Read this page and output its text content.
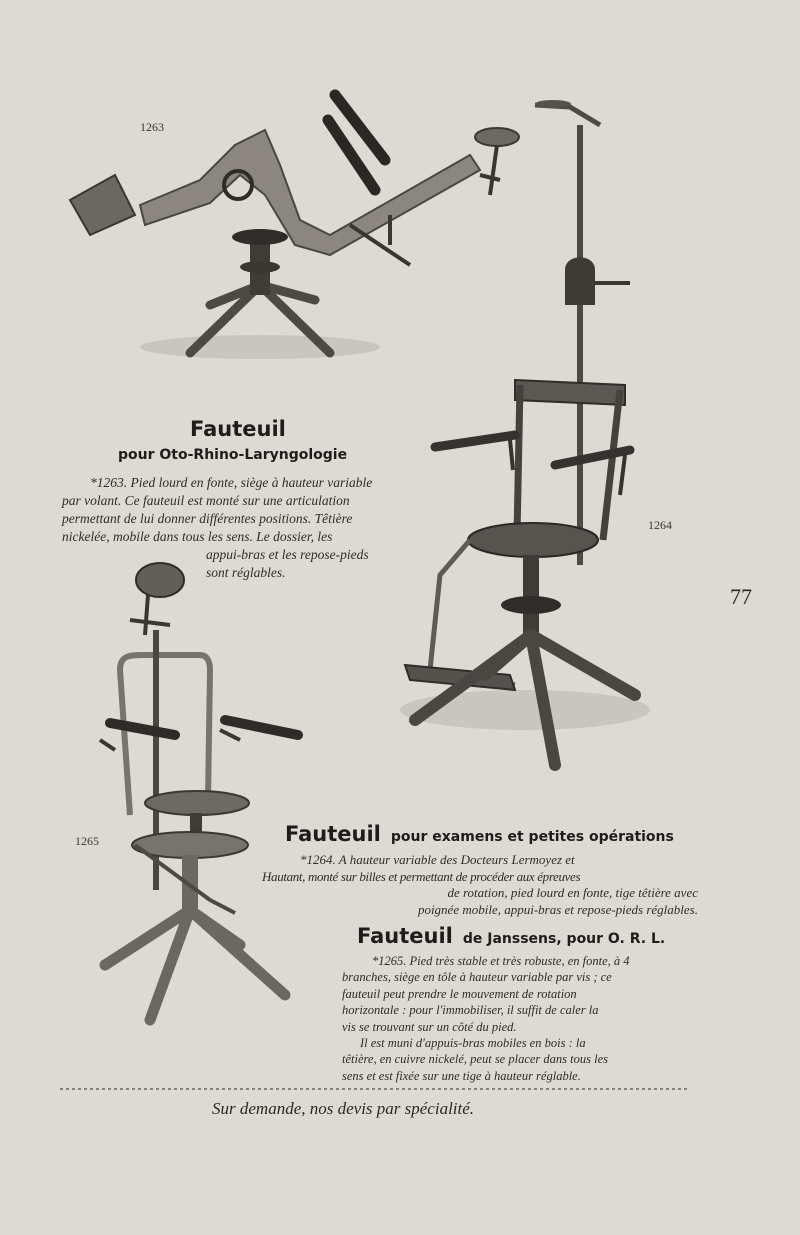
1263
1264
1265
Fauteuil
pour Oto-Rhino-Laryngologie
*1263. Pied lourd en fonte, siège à hauteur variable
par volant. Ce fauteuil est monté sur une articulation
permettant de lui donner différentes positions. Têtière
nickelée, mobile dans tous les sens. Le dossier, les
appui-bras et les repose-pieds
sont réglables.
77
Fauteuil pour examens et petites opérations
*1264. A hauteur variable des Docteurs Lermoyez et
Hautant, monté sur billes et permettant de procéder aux épreuves
de rotation, pied lourd en fonte, tige têtière avec
poignée mobile, appui-bras et repose-pieds réglables.
Fauteuil de Janssens, pour O. R. L.
*1265. Pied très stable et très robuste, en fonte, à 4
branches, siège en tôle à hauteur variable par vis ; ce
fauteuil peut prendre le mouvement de rotation
horizontale : pour l'immobiliser, il suffit de caler la
vis se trouvant sur un côté du pied.
Il est muni d'appuis-bras mobiles en bois : la
têtière, en cuivre nickelé, peut se placer dans tous les
sens et est fixée sur une tige à hauteur réglable.
Sur demande, nos devis par spécialité.
